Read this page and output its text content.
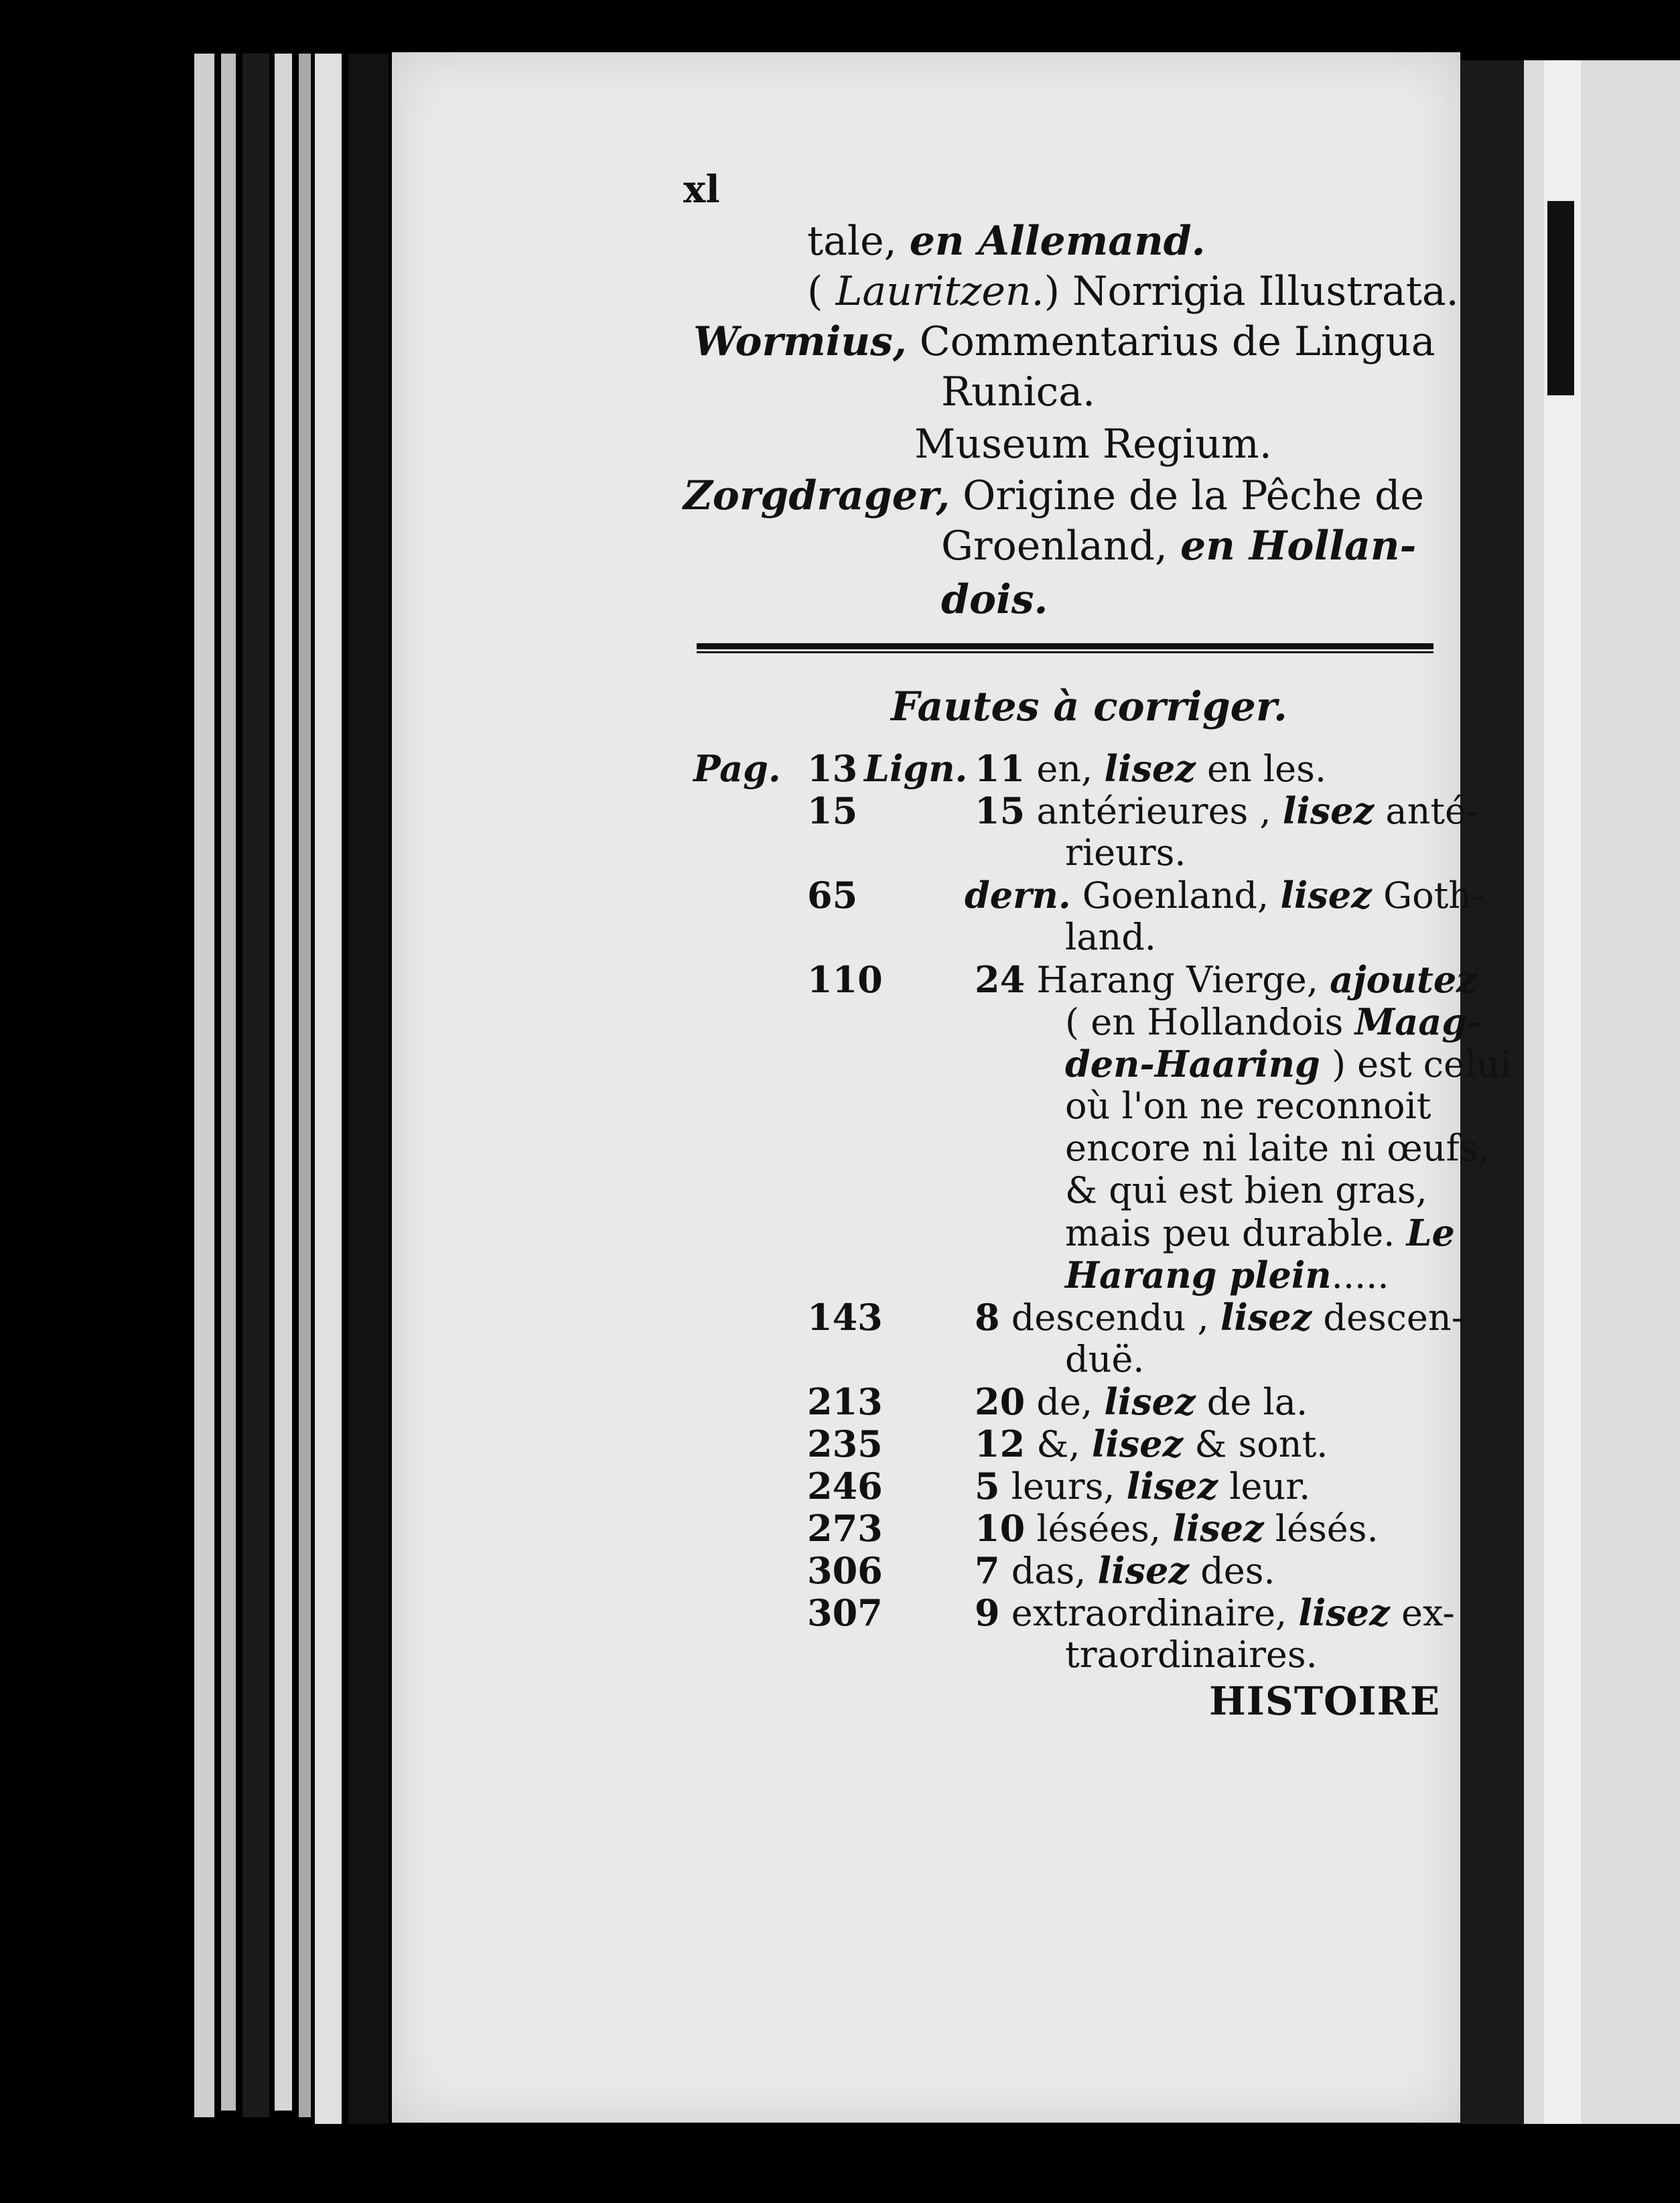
xl
tale, en Allemand.
( Lauritzen.) Norrigia Illustrata.
Wormius, Commentarius de Lingua
Runica.
Museum Regium.
Zorgdrager, Origine de la Pêche de
Groenland, en Hollan-
dois.
Fautes à corriger.
Pag. Lign.
13	11 en, lisez en les.
15	15 antérieures , lisez anté-
rieurs.
65	dern. Goenland, lisez Goth-
land.
110	24 Harang Vierge, ajoutez
( en Hollandois Maag-
den-Haaring ) est celui
où l'on ne reconnoit
encore ni laite ni œufs,
& qui est bien gras,
mais peu durable. Le
Harang plein.....
143	8 descendu , lisez descen-
duë.
213	20 de, lisez de la.
235	12 &, lisez & sont.
246	5 leurs, lisez leur.
273	10 lésées, lisez lésés.
306	7 das, lisez des.
307	9 extraordinaire, lisez ex-
traordinaires.
HISTOIRE
